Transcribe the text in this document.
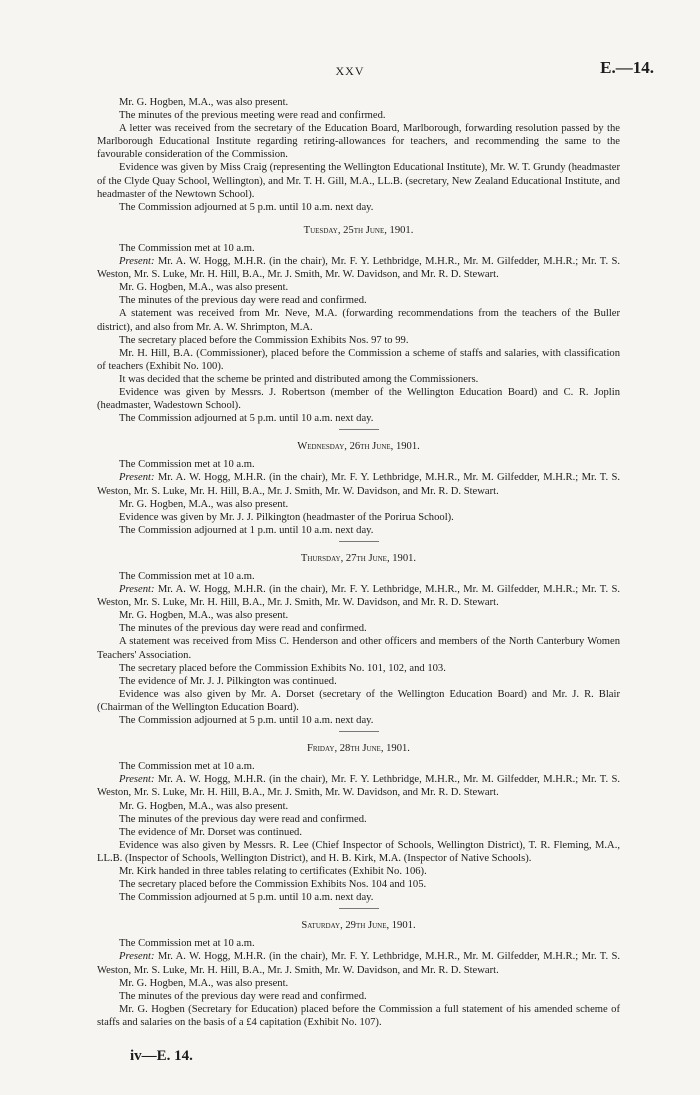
XXV	E.—14.

Mr. G. Hogben, M.A., was also present.

The minutes of the previous meeting were read and confirmed.

A letter was received from the secretary of the Education Board, Marlborough, forwarding resolution passed by the Marlborough Educational Institute regarding retiring-allowances for teachers, and recommending the same to the favourable consideration of the Commission.

Evidence was given by Miss Craig (representing the Wellington Educational Institute), Mr. W. T. Grundy (headmaster of the Clyde Quay School, Wellington), and Mr. T. H. Gill, M.A., LL.B. (secretary, New Zealand Educational Institute, and headmaster of the Newtown School).

The Commission adjourned at 5 p.m. until 10 a.m. next day.

Tuesday, 25th June, 1901.

The Commission met at 10 a.m.

Present: Mr. A. W. Hogg, M.H.R. (in the chair), Mr. F. Y. Lethbridge, M.H.R., Mr. M. Gilfedder, M.H.R.; Mr. T. S. Weston, Mr. S. Luke, Mr. H. Hill, B.A., Mr. J. Smith, Mr. W. Davidson, and Mr. R. D. Stewart.

Mr. G. Hogben, M.A., was also present.

The minutes of the previous day were read and confirmed.

A statement was received from Mr. Neve, M.A. (forwarding recommendations from the teachers of the Buller district), and also from Mr. A. W. Shrimpton, M.A.

The secretary placed before the Commission Exhibits Nos. 97 to 99.

Mr. H. Hill, B.A. (Commissioner), placed before the Commission a scheme of staffs and salaries, with classification of teachers (Exhibit No. 100).

It was decided that the scheme be printed and distributed among the Commissioners.

Evidence was given by Messrs. J. Robertson (member of the Wellington Education Board) and C. R. Joplin (headmaster, Wadestown School).

The Commission adjourned at 5 p.m. until 10 a.m. next day.

Wednesday, 26th June, 1901.

The Commission met at 10 a.m.

Present: Mr. A. W. Hogg, M.H.R. (in the chair), Mr. F. Y. Lethbridge, M.H.R., Mr. M. Gilfedder, M.H.R.; Mr. T. S. Weston, Mr. S. Luke, Mr. H. Hill, B.A., Mr. J. Smith, Mr. W. Davidson, and Mr. R. D. Stewart.

Mr. G. Hogben, M.A., was also present.

Evidence was given by Mr. J. J. Pilkington (headmaster of the Porirua School).

The Commission adjourned at 1 p.m. until 10 a.m. next day.

Thursday, 27th June, 1901.

The Commission met at 10 a.m.

Present: Mr. A. W. Hogg, M.H.R. (in the chair), Mr. F. Y. Lethbridge, M.H.R., Mr. M. Gilfedder, M.H.R.; Mr. T. S. Weston, Mr. S. Luke, Mr. H. Hill, B.A., Mr. J. Smith, Mr. W. Davidson, and Mr. R. D. Stewart.

Mr. G. Hogben, M.A., was also present.

The minutes of the previous day were read and confirmed.

A statement was received from Miss C. Henderson and other officers and members of the North Canterbury Women Teachers' Association.

The secretary placed before the Commission Exhibits No. 101, 102, and 103.

The evidence of Mr. J. J. Pilkington was continued.

Evidence was also given by Mr. A. Dorset (secretary of the Wellington Education Board) and Mr. J. R. Blair (Chairman of the Wellington Education Board).

The Commission adjourned at 5 p.m. until 10 a.m. next day.

Friday, 28th June, 1901.

The Commission met at 10 a.m.

Present: Mr. A. W. Hogg, M.H.R. (in the chair), Mr. F. Y. Lethbridge, M.H.R., Mr. M. Gilfedder, M.H.R.; Mr. T. S. Weston, Mr. S. Luke, Mr. H. Hill, B.A., Mr. J. Smith, Mr. W. Davidson, and Mr. R. D. Stewart.

Mr. G. Hogben, M.A., was also present.

The minutes of the previous day were read and confirmed.

The evidence of Mr. Dorset was continued.

Evidence was also given by Messrs. R. Lee (Chief Inspector of Schools, Wellington District), T. R. Fleming, M.A., LL.B. (Inspector of Schools, Wellington District), and H. B. Kirk, M.A. (Inspector of Native Schools).

Mr. Kirk handed in three tables relating to certificates (Exhibit No. 106).

The secretary placed before the Commission Exhibits Nos. 104 and 105.

The Commission adjourned at 5 p.m. until 10 a.m. next day.

Saturday, 29th June, 1901.

The Commission met at 10 a.m.

Present: Mr. A. W. Hogg, M.H.R. (in the chair), Mr. F. Y. Lethbridge, M.H.R., Mr. M. Gilfedder, M.H.R.; Mr. T. S. Weston, Mr. S. Luke, Mr. H. Hill, B.A., Mr. J. Smith, Mr. W. Davidson, and Mr. R. D. Stewart.

Mr. G. Hogben, M.A., was also present.

The minutes of the previous day were read and confirmed.

Mr. G. Hogben (Secretary for Education) placed before the Commission a full statement of his amended scheme of staffs and salaries on the basis of a £4 capitation (Exhibit No. 107).

iv—E. 14.
